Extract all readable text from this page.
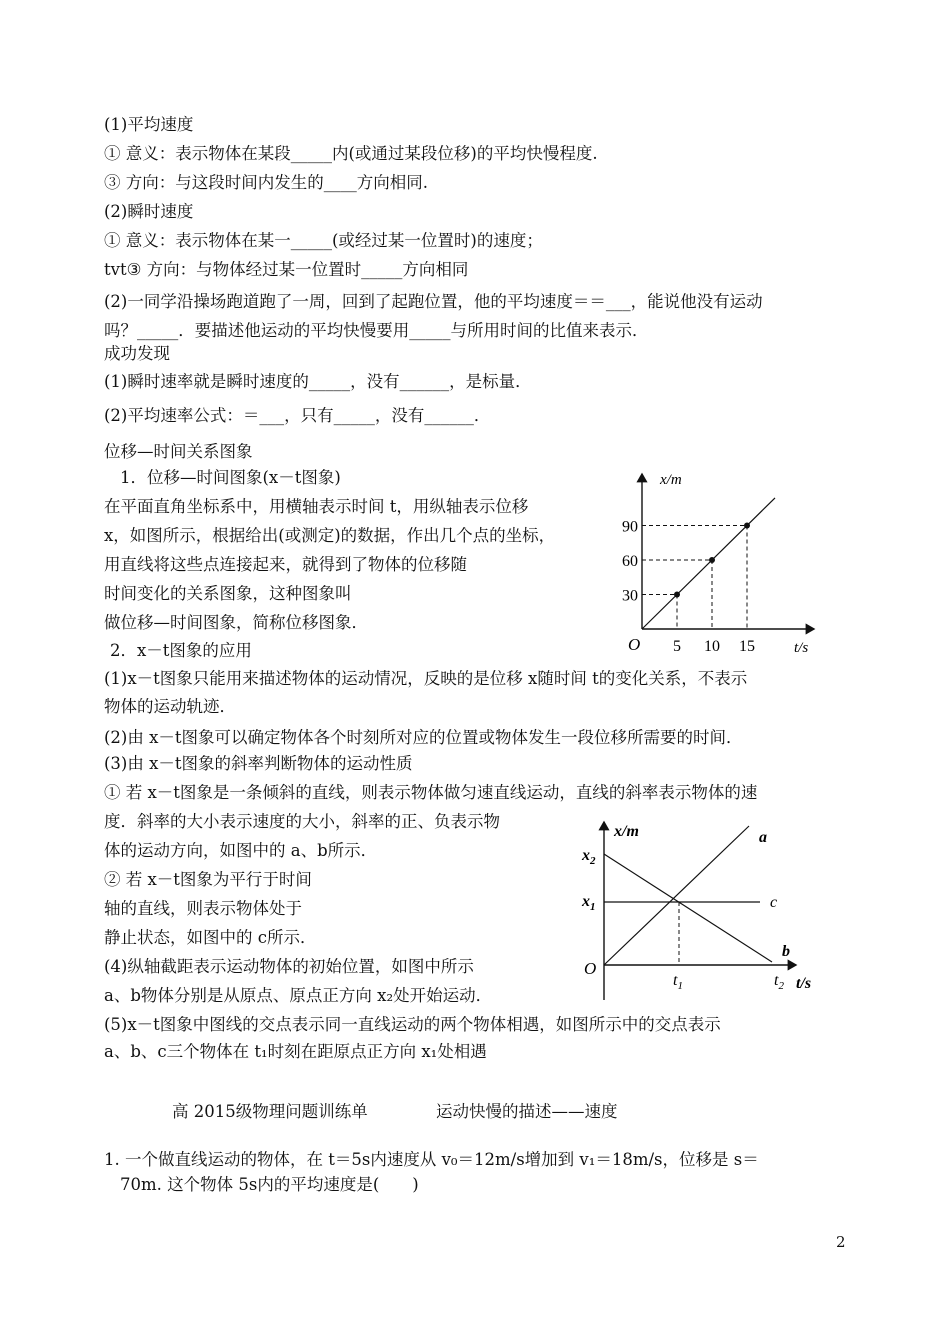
(1)平均速度
① 意义：表示物体在某段_____内(或通过某段位移)的平均快慢程度.
③ 方向：与这段时间内发生的____方向相同.
(2)瞬时速度
① 意义：表示物体在某一_____(或经过某一位置时)的速度；
tvt③ 方向：与物体经过某一位置时_____方向相同
(2)一同学沿操场跑道跑了一周，回到了起跑位置，他的平均速度＝＝___，能说他没有运动
吗？_____．要描述他运动的平均快慢要用_____与所用时间的比值来表示．
成功发现
(1)瞬时速率就是瞬时速度的_____，没有______，是标量．
(2)平均速率公式：＝___，只有_____，没有______．
位移—时间关系图象
1．位移—时间图象(x－t图象)
在平面直角坐标系中，用横轴表示时间 t，用纵轴表示位移
x，如图所示，根据给出(或测定)的数据，作出几个点的坐标，
用直线将这些点连接起来，就得到了物体的位移随
时间变化的关系图象，这种图象叫
做位移—时间图象，简称位移图象．
2．x－t图象的应用
(1)x－t图象只能用来描述物体的运动情况，反映的是位移 x随时间 t的变化关系，不表示
物体的运动轨迹．
(2)由 x－t图象可以确定物体各个时刻所对应的位置或物体发生一段位移所需要的时间．
(3)由 x－t图象的斜率判断物体的运动性质
① 若 x－t图象是一条倾斜的直线，则表示物体做匀速直线运动，直线的斜率表示物体的速
度．斜率的大小表示速度的大小，斜率的正、负表示物
体的运动方向，如图中的 a、b所示．
② 若 x－t图象为平行于时间
轴的直线，则表示物体处于
静止状态，如图中的 c所示．
(4)纵轴截距表示运动物体的初始位置，如图中所示
a、b物体分别是从原点、原点正方向 x₂处开始运动．
(5)x－t图象中图线的交点表示同一直线运动的两个物体相遇，如图所示中的交点表示
a、b、c三个物体在 t₁时刻在距原点正方向 x₁处相遇
高 2015级物理问题训练单	运动快慢的描述——速度
1. 一个做直线运动的物体，在 t＝5s内速度从 v₀＝12m/s增加到 v₁＝18m/s，位移是 s＝
70m. 这个物体 5s内的平均速度是(　　)
2
5 10 15
30
60
90
O
x/m
t/s
a
b
c
$x_2$
$x_1$
$t_1$	$t_2$
O
x/m
t/s
